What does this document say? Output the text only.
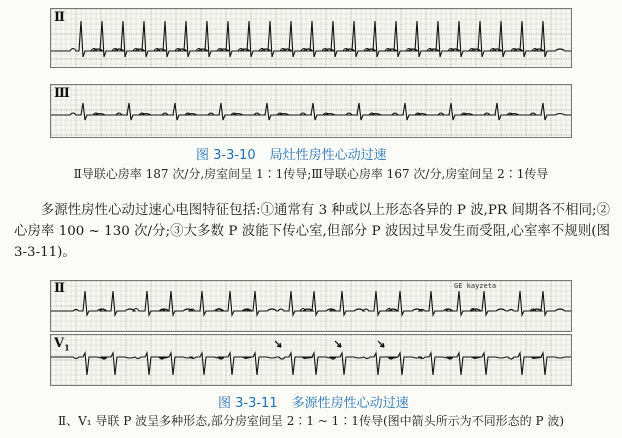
Ⅱ
Ⅲ
图 3-3-10 局灶性房性心动过速
Ⅱ导联心房率 187 次/分,房室间呈 1∶1传导;Ⅲ导联心房率 167 次/分,房室间呈 2∶1传导

多源性房性心动过速心电图特征包括:①通常有 3 种或以上形态各异的 P 波,PR 间期各不相同;②心房率 100 ~ 130 次/分;③大多数 P 波能下传心室,但部分 P 波因过早发生而受阻,心室率不规则(图 3-3-11)。

Ⅱ	GE kayzeta
$V_1$
图 3-3-11 多源性房性心动过速
Ⅱ、V₁ 导联 P 波呈多种形态,部分房室间呈 2∶1 ~ 1∶1传导(图中箭头所示为不同形态的 P 波)
